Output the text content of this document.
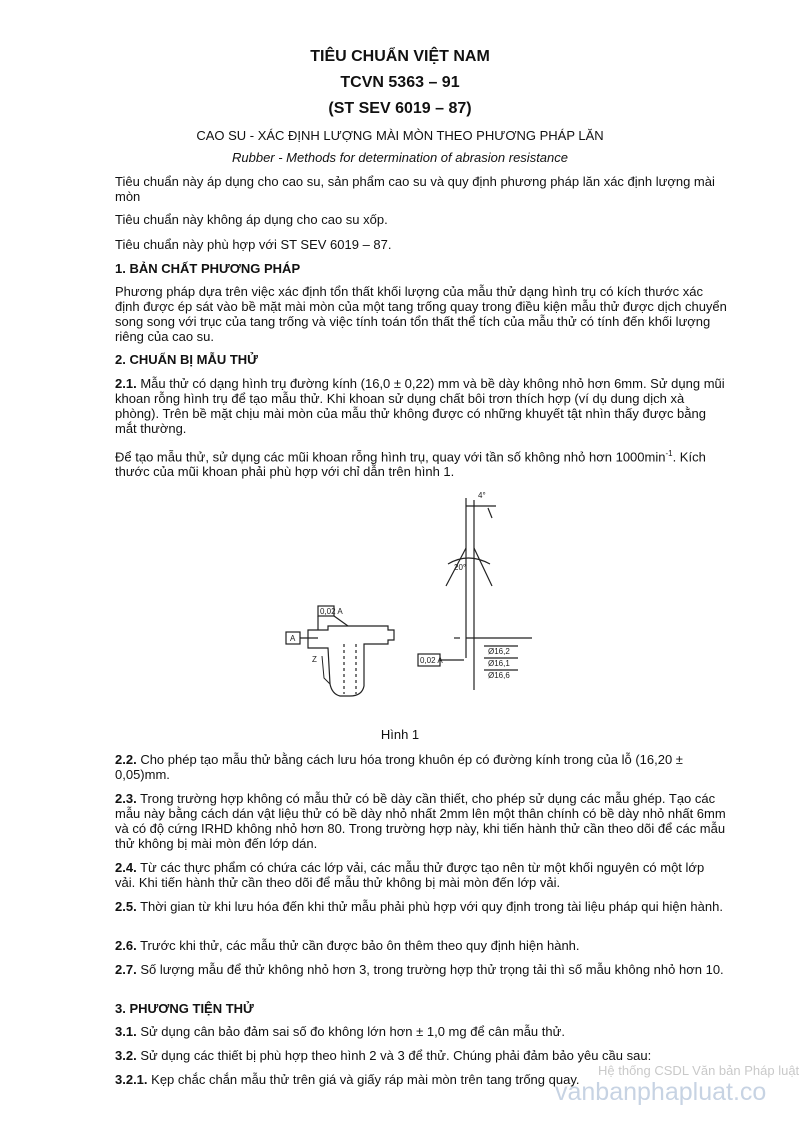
TIÊU CHUẨN VIỆT NAM
TCVN 5363 – 91
(ST SEV 6019 – 87)
CAO SU - XÁC ĐỊNH LƯỢNG MÀI MÒN THEO PHƯƠNG PHÁP LĂN
Rubber - Methods for determination of abrasion resistance
Tiêu chuẩn này áp dụng cho cao su, sản phẩm cao su và quy định phương pháp lăn xác định lượng mài mòn
Tiêu chuẩn này không áp dụng cho cao su xốp.
Tiêu chuẩn này phù hợp với ST SEV 6019 – 87.
1. BẢN CHẤT PHƯƠNG PHÁP
Phương pháp dựa trên việc xác định tổn thất khối lượng của mẫu thử dạng hình trụ có kích thước xác định được ép sát vào bề mặt mài mòn của một tang trống quay trong điều kiện mẫu thử được dịch chuyển song song với trục của tang trống và việc tính toán tổn thất thể tích của mẫu thử có tính đến khối lượng riêng của cao su.
2. CHUẨN BỊ MẪU THỬ
2.1. Mẫu thử có dạng hình trụ đường kính (16,0 ± 0,22) mm và bề dày không nhỏ hơn 6mm. Sử dụng mũi khoan rỗng hình trụ để tạo mẫu thử. Khi khoan sử dụng chất bôi trơn thích hợp (ví dụ dung dịch xà phòng). Trên bề mặt chịu mài mòn của mẫu thử không được có những khuyết tật nhìn thấy được bằng mắt thường.
Để tạo mẫu thử, sử dụng các mũi khoan rỗng hình trụ, quay với tần số không nhỏ hơn $1000\min^{-1}$. Kích thước của mũi khoan phải phù hợp với chỉ dẫn trên hình 1.
A
0,02 A
0,02 A
4°
20°
Z
Ø16,2
Ø16,1
Ø16,6
Hình 1
2.2. Cho phép tạo mẫu thử bằng cách lưu hóa trong khuôn ép có đường kính trong của lỗ (16,20 ± 0,05)mm.
2.3. Trong trường hợp không có mẫu thử có bề dày cần thiết, cho phép sử dụng các mẫu ghép. Tạo các mẫu này bằng cách dán vật liệu thử có bề dày nhỏ nhất 2mm lên một thân chính có bề dày nhỏ nhất 6mm và có độ cứng IRHD không nhỏ hơn 80. Trong trường hợp này, khi tiến hành thử cần theo dõi để các mẫu thử không bị mài mòn đến lớp dán.
2.4. Từ các thực phẩm có chứa các lớp vải, các mẫu thử được tạo nên từ một khối nguyên có một lớp vải. Khi tiến hành thử cần theo dõi để mẫu thử không bị mài mòn đến lớp vải.
2.5. Thời gian từ khi lưu hóa đến khi thử mẫu phải phù hợp với quy định trong tài liệu pháp qui hiện hành.
2.6. Trước khi thử, các mẫu thử cần được bảo ôn thêm theo quy định hiện hành.
2.7. Số lượng mẫu để thử không nhỏ hơn 3, trong trường hợp thử trọng tải thì số mẫu không nhỏ hơn 10.
3. PHƯƠNG TIỆN THỬ
3.1. Sử dụng cân bảo đảm sai số đo không lớn hơn ± 1,0 mg để cân mẫu thử.
3.2. Sử dụng các thiết bị phù hợp theo hình 2 và 3 để thử. Chúng phải đảm bảo yêu cầu sau:
3.2.1. Kẹp chắc chắn mẫu thử trên giá và giấy ráp mài mòn trên tang trống quay.
Hệ thống CSDL Văn bản Pháp luật
vanbanphapluat.co
